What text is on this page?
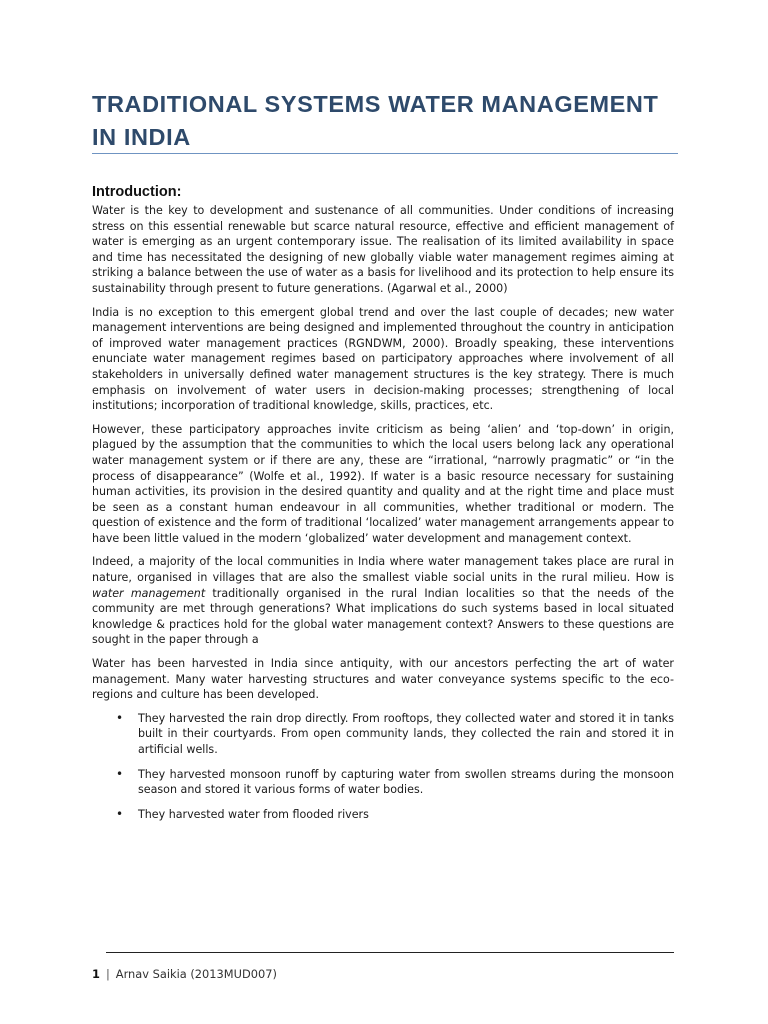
TRADITIONAL SYSTEMS WATER MANAGEMENT IN INDIA
Introduction:

Water is the key to development and sustenance of all communities. Under conditions of increasing stress on this essential renewable but scarce natural resource, effective and efficient management of water is emerging as an urgent contemporary issue. The realisation of its limited availability in space and time has necessitated the designing of new globally viable water management regimes aiming at striking a balance between the use of water as a basis for livelihood and its protection to help ensure its sustainability through present to future generations. (Agarwal et al., 2000)

India is no exception to this emergent global trend and over the last couple of decades; new water management interventions are being designed and implemented throughout the country in anticipation of improved water management practices (RGNDWM, 2000). Broadly speaking, these interventions enunciate water management regimes based on participatory approaches where involvement of all stakeholders in universally defined water management structures is the key strategy. There is much emphasis on involvement of water users in decision-making processes; strengthening of local institutions; incorporation of traditional knowledge, skills, practices, etc.

However, these participatory approaches invite criticism as being ‘alien’ and ‘top-down’ in origin, plagued by the assumption that the communities to which the local users belong lack any operational water management system or if there are any, these are “irrational, “narrowly pragmatic” or “in the process of disappearance” (Wolfe et al., 1992). If water is a basic resource necessary for sustaining human activities, its provision in the desired quantity and quality and at the right time and place must be seen as a constant human endeavour in all communities, whether traditional or modern. The question of existence and the form of traditional ‘localized’ water management arrangements appear to have been little valued in the modern ‘globalized’ water development and management context.

Indeed, a majority of the local communities in India where water management takes place are rural in nature, organised in villages that are also the smallest viable social units in the rural milieu. How is water management traditionally organised in the rural Indian localities so that the needs of the community are met through generations? What implications do such systems based in local situated knowledge & practices hold for the global water management context? Answers to these questions are sought in the paper through a

Water has been harvested in India since antiquity, with our ancestors perfecting the art of water management. Many water harvesting structures and water conveyance systems specific to the eco-regions and culture has been developed.

• They harvested the rain drop directly. From rooftops, they collected water and stored it in tanks built in their courtyards. From open community lands, they collected the rain and stored it in artificial wells.
• They harvested monsoon runoff by capturing water from swollen streams during the monsoon season and stored it various forms of water bodies.
• They harvested water from flooded rivers
1 | Arnav Saikia (2013MUD007)
